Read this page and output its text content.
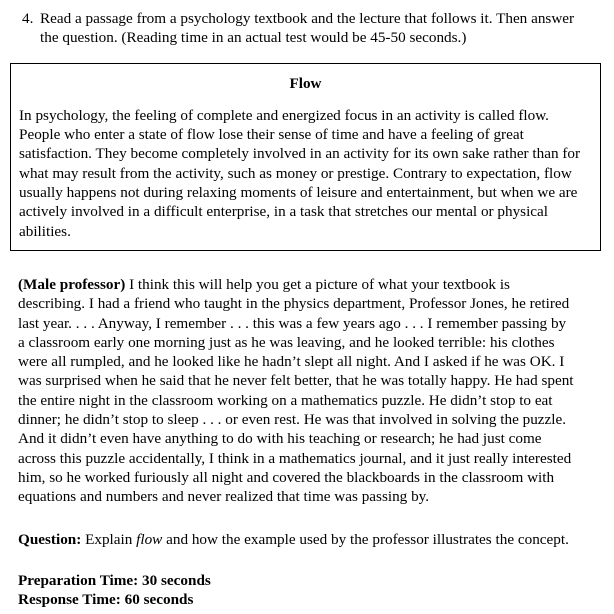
4. Read a passage from a psychology textbook and the lecture that follows it. Then answer the question. (Reading time in an actual test would be 45-50 seconds.)
Flow
In psychology, the feeling of complete and energized focus in an activity is called flow. People who enter a state of flow lose their sense of time and have a feeling of great satisfaction. They become completely involved in an activity for its own sake rather than for what may result from the activity, such as money or prestige. Contrary to expectation, flow usually happens not during relaxing moments of leisure and entertainment, but when we are actively involved in a difficult enterprise, in a task that stretches our mental or physical abilities.
(Male professor) I think this will help you get a picture of what your textbook is describing. I had a friend who taught in the physics department, Professor Jones, he retired last year. . . . Anyway, I remember . . . this was a few years ago . . . I remember passing by a classroom early one morning just as he was leaving, and he looked terrible: his clothes were all rumpled, and he looked like he hadn’t slept all night. And I asked if he was OK. I was surprised when he said that he never felt better, that he was totally happy. He had spent the entire night in the classroom working on a mathematics puzzle. He didn’t stop to eat dinner; he didn’t stop to sleep . . . or even rest. He was that involved in solving the puzzle. And it didn’t even have anything to do with his teaching or research; he had just come across this puzzle accidentally, I think in a mathematics journal, and it just really interested him, so he worked furiously all night and covered the blackboards in the classroom with equations and numbers and never realized that time was passing by.
Question: Explain flow and how the example used by the professor illustrates the concept.
Preparation Time: 30 seconds
Response Time: 60 seconds
